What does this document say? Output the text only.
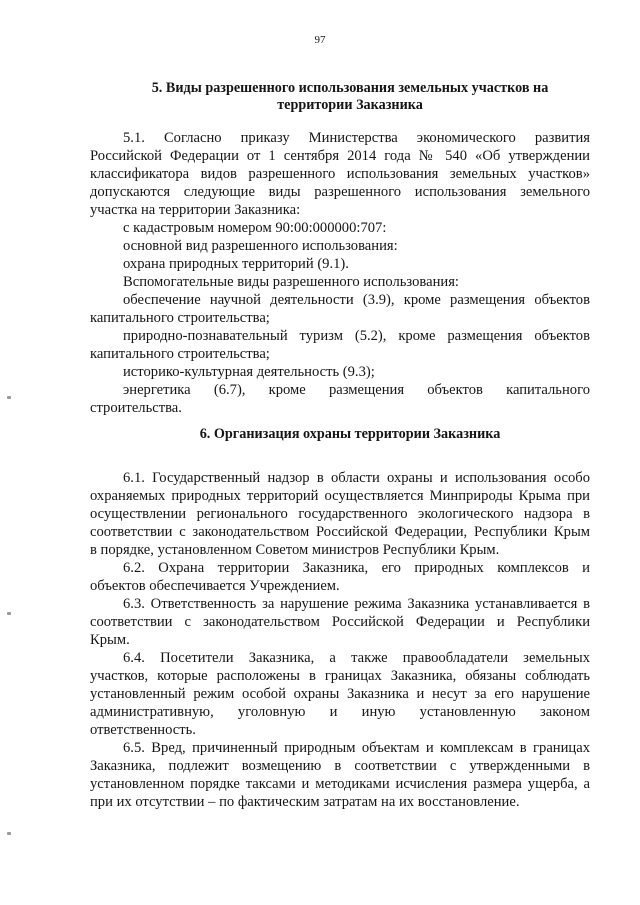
97
5. Виды разрешенного использования земельных участков на
территории Заказника
6. Организация охраны территории Заказника
5.1. Согласно приказу Министерства экономического развития
Российской Федерации от 1 сентября 2014 года № 540 «Об утверждении
классификатора видов разрешенного использования земельных участков»
допускаются следующие виды разрешенного использования земельного
участка на территории Заказника:
с кадастровым номером 90:00:000000:707:
основной вид разрешенного использования:
охрана природных территорий (9.1).
Вспомогательные виды разрешенного использования:
обеспечение научной деятельности (3.9), кроме размещения объектов
капитального строительства;
природно-познавательный туризм (5.2), кроме размещения объектов
капитального строительства;
историко-культурная деятельность (9.3);
энергетика (6.7), кроме размещения объектов капитального
строительства.
6.1. Государственный надзор в области охраны и использования особо
охраняемых природных территорий осуществляется Минприроды Крыма при
осуществлении регионального государственного экологического надзора в
соответствии с законодательством Российской Федерации, Республики Крым
в порядке, установленном Советом министров Республики Крым.
6.2. Охрана территории Заказника, его природных комплексов и
объектов обеспечивается Учреждением.
6.3. Ответственность за нарушение режима Заказника устанавливается в
соответствии с законодательством Российской Федерации и Республики
Крым.
6.4. Посетители Заказника, а также правообладатели земельных
участков, которые расположены в границах Заказника, обязаны соблюдать
установленный режим особой охраны Заказника и несут за его нарушение
административную, уголовную и иную установленную законом
ответственность.
6.5. Вред, причиненный природным объектам и комплексам в границах
Заказника, подлежит возмещению в соответствии с утвержденными в
установленном порядке таксами и методиками исчисления размера ущерба, а
при их отсутствии – по фактическим затратам на их восстановление.
